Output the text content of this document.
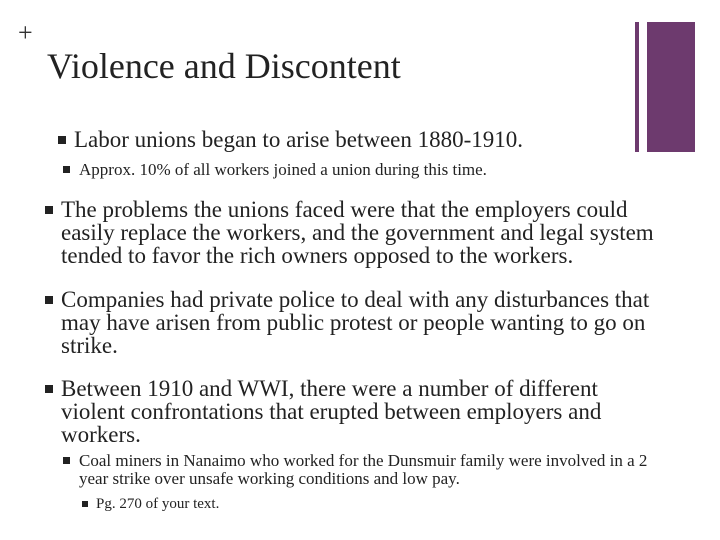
+
Violence and Discontent
Labor unions began to arise between 1880-1910.
Approx. 10% of all workers joined a union during this time.
The problems the unions faced were that the employers could easily replace the workers, and the government and legal system tended to favor the rich owners opposed to the workers.
Companies had private police to deal with any disturbances that may have arisen from public protest or people wanting to go on strike.
Between 1910 and WWI, there were a number of different violent confrontations that erupted between employers and workers.
Coal miners in Nanaimo who worked for the Dunsmuir family were involved in a 2 year strike over unsafe working conditions and low pay.
Pg. 270 of your text.
